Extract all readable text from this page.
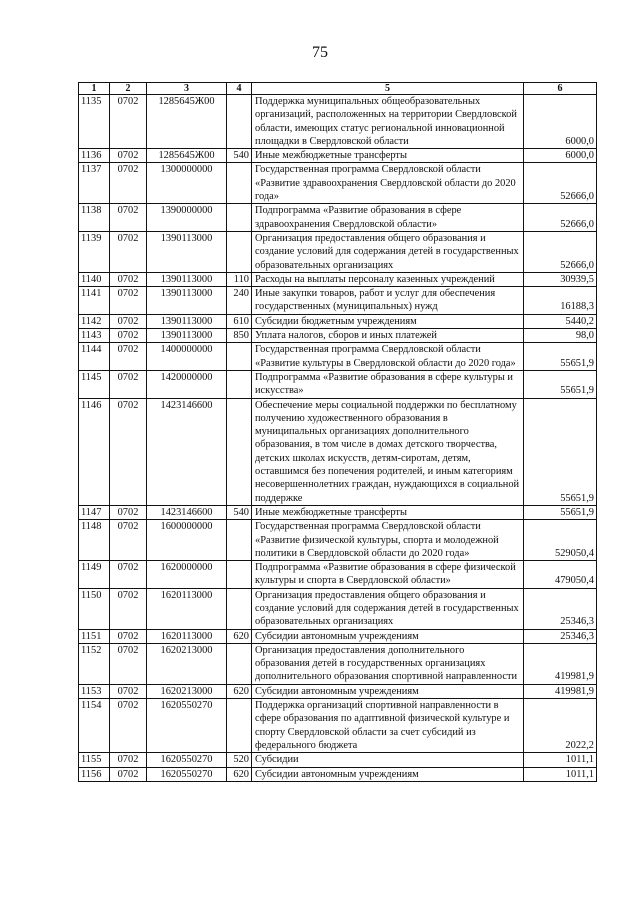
75
1	2	3	4	5	6
1135	0702	1285645Ж00		Поддержка муниципальных общеобразовательных организаций, расположенных на территории Свердловской области, имеющих статус региональной инновационной площадки в Свердловской области	6000,0
1136	0702	1285645Ж00	540	Иные межбюджетные трансферты	6000,0
1137	0702	1300000000		Государственная программа Свердловской области «Развитие здравоохранения Свердловской области до 2020 года»	52666,0
1138	0702	1390000000		Подпрограмма «Развитие образования в сфере здравоохранения Свердловской области»	52666,0
1139	0702	1390113000		Организация предоставления общего образования и создание условий для содержания детей в государственных образовательных организациях	52666,0
1140	0702	1390113000	110	Расходы на выплаты персоналу казенных учреждений	30939,5
1141	0702	1390113000	240	Иные закупки товаров, работ и услуг для обеспечения государственных (муниципальных) нужд	16188,3
1142	0702	1390113000	610	Субсидии бюджетным учреждениям	5440,2
1143	0702	1390113000	850	Уплата налогов, сборов и иных платежей	98,0
1144	0702	1400000000		Государственная программа Свердловской области «Развитие культуры в Свердловской области до 2020 года»	55651,9
1145	0702	1420000000		Подпрограмма «Развитие образования в сфере культуры и искусства»	55651,9
1146	0702	1423146600		Обеспечение меры социальной поддержки по бесплатному получению художественного образования в муниципальных организациях дополнительного образования, в том числе в домах детского творчества, детских школах искусств, детям-сиротам, детям, оставшимся без попечения родителей, и иным категориям несовершеннолетних граждан, нуждающихся в социальной поддержке	55651,9
1147	0702	1423146600	540	Иные межбюджетные трансферты	55651,9
1148	0702	1600000000		Государственная программа Свердловской области «Развитие физической культуры, спорта и молодежной политики в Свердловской области до 2020 года»	529050,4
1149	0702	1620000000		Подпрограмма «Развитие образования в сфере физической культуры и спорта в Свердловской области»	479050,4
1150	0702	1620113000		Организация предоставления общего образования и создание условий для содержания детей в государственных образовательных организациях	25346,3
1151	0702	1620113000	620	Субсидии автономным учреждениям	25346,3
1152	0702	1620213000		Организация предоставления дополнительного образования детей в государственных организациях дополнительного образования спортивной направленности	419981,9
1153	0702	1620213000	620	Субсидии автономным учреждениям	419981,9
1154	0702	1620550270		Поддержка организаций спортивной направленности в сфере образования по адаптивной физической культуре и спорту Свердловской области за счет субсидий из федерального бюджета	2022,2
1155	0702	1620550270	520	Субсидии	1011,1
1156	0702	1620550270	620	Субсидии автономным учреждениям	1011,1
